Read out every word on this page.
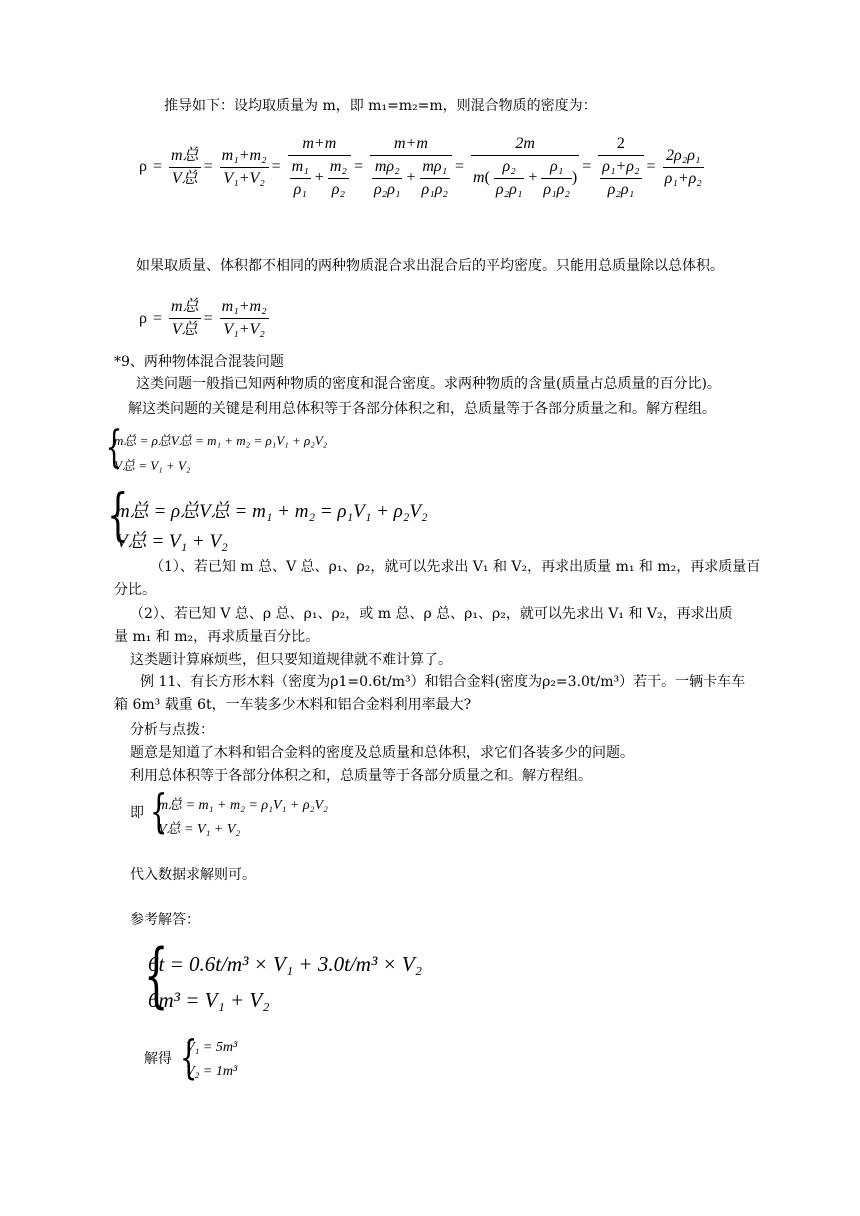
推导如下：设均取质量为 m，即 m₁=m₂=m，则混合物质的密度为：
$\rho = \frac{\text{m总}}{\text{V总}} = \frac{\text{m₁+m₂}}{\text{V₁+V₂}} = \frac{m+m}{\frac{\text{m₁}}{\text{ρ₁}} + \frac{\text{m₂}}{\text{ρ₂}}} = \frac{m+m}{\frac{\text{mρ₂}}{\text{ρ₂ρ₁}} + \frac{\text{mρ₁}}{\text{ρ₁ρ₂}}} = \frac{2m}{m( \frac{\text{ρ₂}}{\text{ρ₂ρ₁}} + \frac{\text{ρ₁}}{\text{ρ₁ρ₂}} )} = \frac{2}{\frac{\text{ρ₁+ρ₂}}{\text{ρ₂ρ₁}}} = \frac{\text{2ρ₂ρ₁}}{\text{ρ₁+ρ₂}}$
如果取质量、体积都不相同的两种物质混合求出混合后的平均密度。只能用总质量除以总体积。
$\rho = \frac{\text{m总}}{\text{V总}} = \frac{\text{m₁+m₂}}{\text{V₁+V₂}}$
*9、两种物体混合混装问题
这类问题一般指已知两种物质的密度和混合密度。求两种物质的含量(质量占总质量的百分比)。
解这类问题的关键是利用总体积等于各部分体积之和，总质量等于各部分质量之和。解方程组。
{
m总 = ρ总V总 = m₁ + m₂ = ρ₁V₁ + ρ₂V₂
V总 = V₁ + V₂
{
m总 = ρ总V总 = m₁ + m₂ = ρ₁V₁ + ρ₂V₂
V总 = V₁ + V₂
（1）、若已知 m 总、V 总、ρ₁、ρ₂，就可以先求出 V₁ 和 V₂，再求出质量 m₁ 和 m₂，再求质量百
分比。
（2）、若已知 V 总、ρ 总、ρ₁、ρ₂，或 m 总、ρ 总、ρ₁、ρ₂，就可以先求出 V₁ 和 V₂，再求出质
量 m₁ 和 m₂，再求质量百分比。
这类题计算麻烦些，但只要知道规律就不难计算了。
例 11、有长方形木料（密度为ρ1=0.6t/m³）和铝合金料(密度为ρ₂=3.0t/m³）若干。一辆卡车车
箱 6m³ 载重 6t，一车装多少木料和铝合金料利用率最大?
分析与点拨：
题意是知道了木料和铝合金料的密度及总质量和总体积，求它们各装多少的问题。
利用总体积等于各部分体积之和，总质量等于各部分质量之和。解方程组。
即 {
m总 = m₁ + m₂ = ρ₁V₁ + ρ₂V₂
V总 = V₁ + V₂
代入数据求解则可。
参考解答：
{
6t = 0.6t/m³ × V₁ + 3.0t/m³ × V₂
6m³ = V₁ + V₂
解得 {
V₁ = 5m³
V₂ = 1m³
